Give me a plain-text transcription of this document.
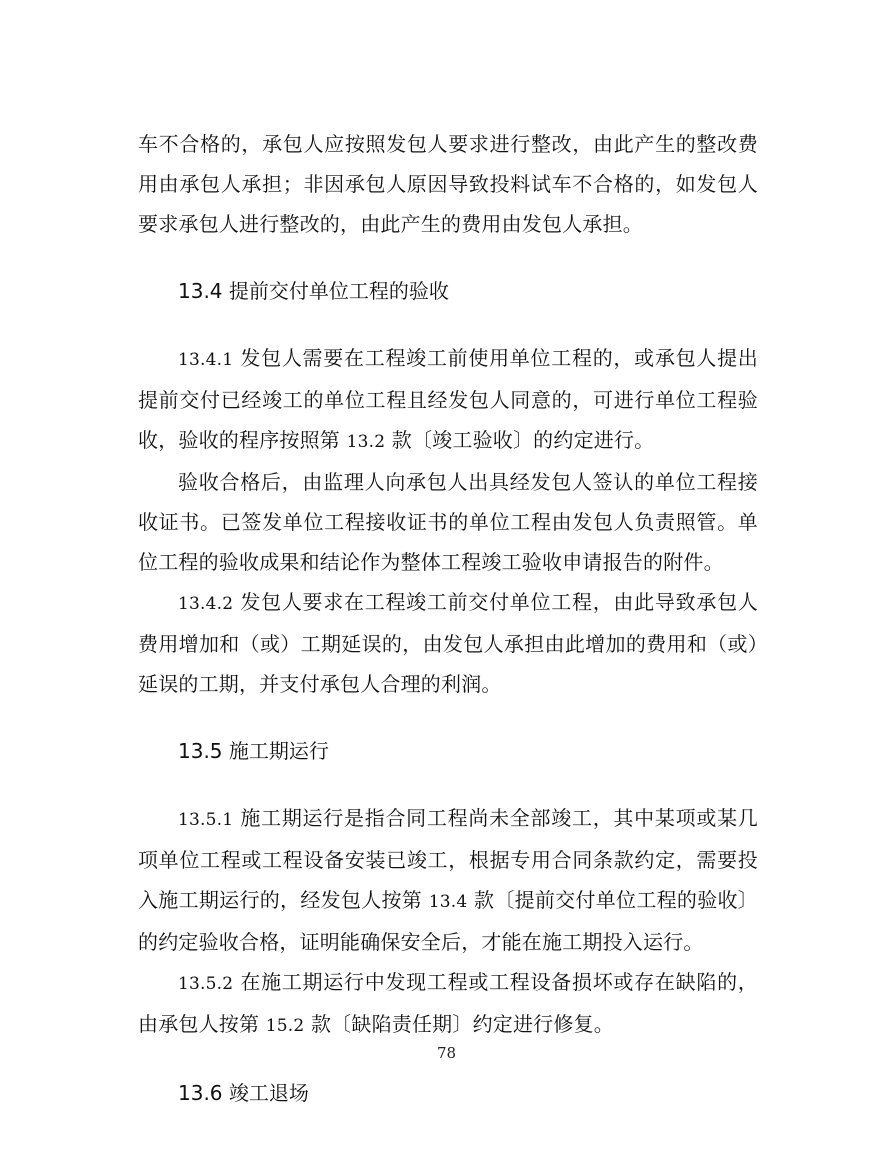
车不合格的，承包人应按照发包人要求进行整改，由此产生的整改费用由承包人承担；非因承包人原因导致投料试车不合格的，如发包人要求承包人进行整改的，由此产生的费用由发包人承担。

13.4 提前交付单位工程的验收

13.4.1 发包人需要在工程竣工前使用单位工程的，或承包人提出提前交付已经竣工的单位工程且经发包人同意的，可进行单位工程验收，验收的程序按照第 13.2 款〔竣工验收〕的约定进行。

验收合格后，由监理人向承包人出具经发包人签认的单位工程接收证书。已签发单位工程接收证书的单位工程由发包人负责照管。单位工程的验收成果和结论作为整体工程竣工验收申请报告的附件。

13.4.2 发包人要求在工程竣工前交付单位工程，由此导致承包人费用增加和（或）工期延误的，由发包人承担由此增加的费用和（或）延误的工期，并支付承包人合理的利润。

13.5 施工期运行

13.5.1 施工期运行是指合同工程尚未全部竣工，其中某项或某几项单位工程或工程设备安装已竣工，根据专用合同条款约定，需要投入施工期运行的，经发包人按第 13.4 款〔提前交付单位工程的验收〕的约定验收合格，证明能确保安全后，才能在施工期投入运行。

13.5.2 在施工期运行中发现工程或工程设备损坏或存在缺陷的，由承包人按第 15.2 款〔缺陷责任期〕约定进行修复。

13.6 竣工退场

78
